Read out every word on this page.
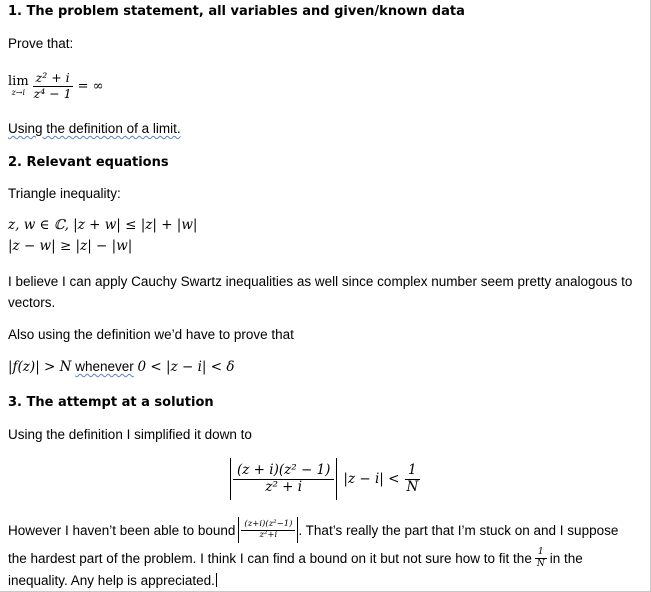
1. The problem statement, all variables and given/known data
Prove that:
lim
$z\to i \frac{\text{z² + i}}{\text{z⁴ − 1}}$ = ∞
Using the definition of a limit.
2. Relevant equations
Triangle inequality:
z, w ∈ ℂ, |z + w| ≤ |z| + |w|
|z − w| ≥ |z| − |w|
I believe I can apply Cauchy Swartz inequalities as well since complex number seem pretty analogous to vectors.
Also using the definition we’d have to prove that
|f(z)| > N whenever 0 < |z − i| < δ
3. The attempt at a solution
Using the definition I simplified it down to
$\frac{\text{(z + i)(z² − 1)}}{\text{z² + i}} |z - i| < \frac{1}{N}$
However I haven’t been able to bound $\frac{\text{(z+i)(z²−1)}}{\text{z²+i}}$ . That’s really the part that I’m stuck on and I suppose
the hardest part of the problem. I think I can find a bound on it but not sure how to fit the $\frac{1}{N}$ in the
inequality. Any help is appreciated.
